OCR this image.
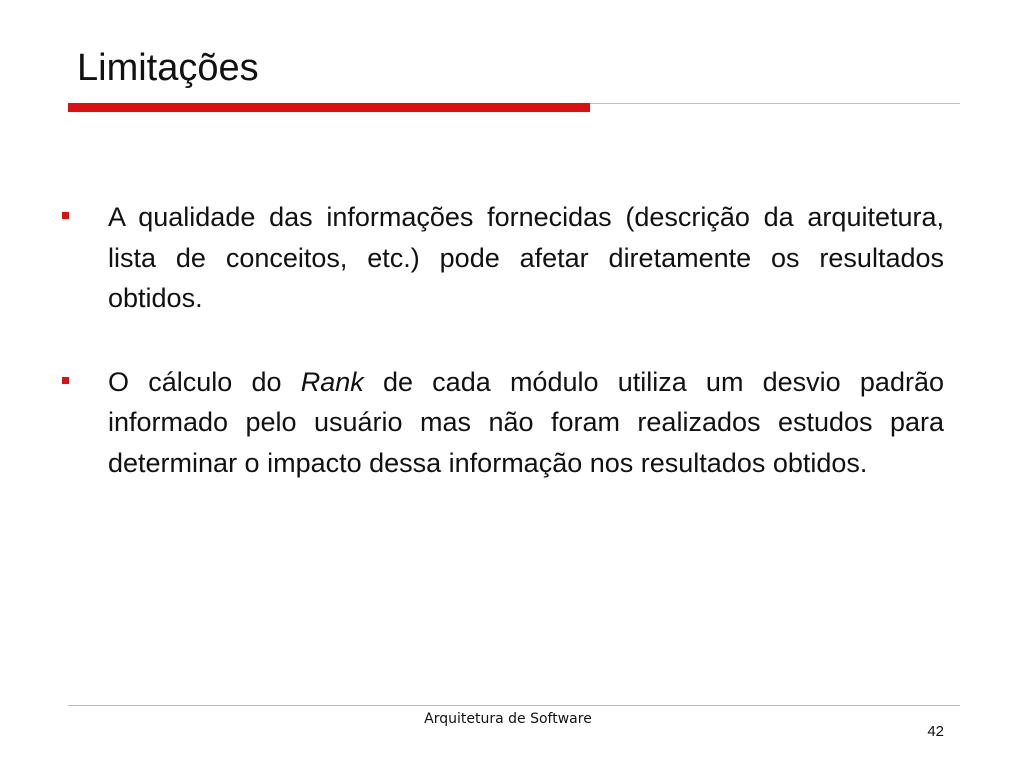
Limitações
A qualidade das informações fornecidas (descrição da arquitetura, lista de conceitos, etc.) pode afetar diretamente os resultados obtidos.
O cálculo do Rank de cada módulo utiliza um desvio padrão informado pelo usuário mas não foram realizados estudos para determinar o impacto dessa informação nos resultados obtidos.
Arquitetura de Software
42
